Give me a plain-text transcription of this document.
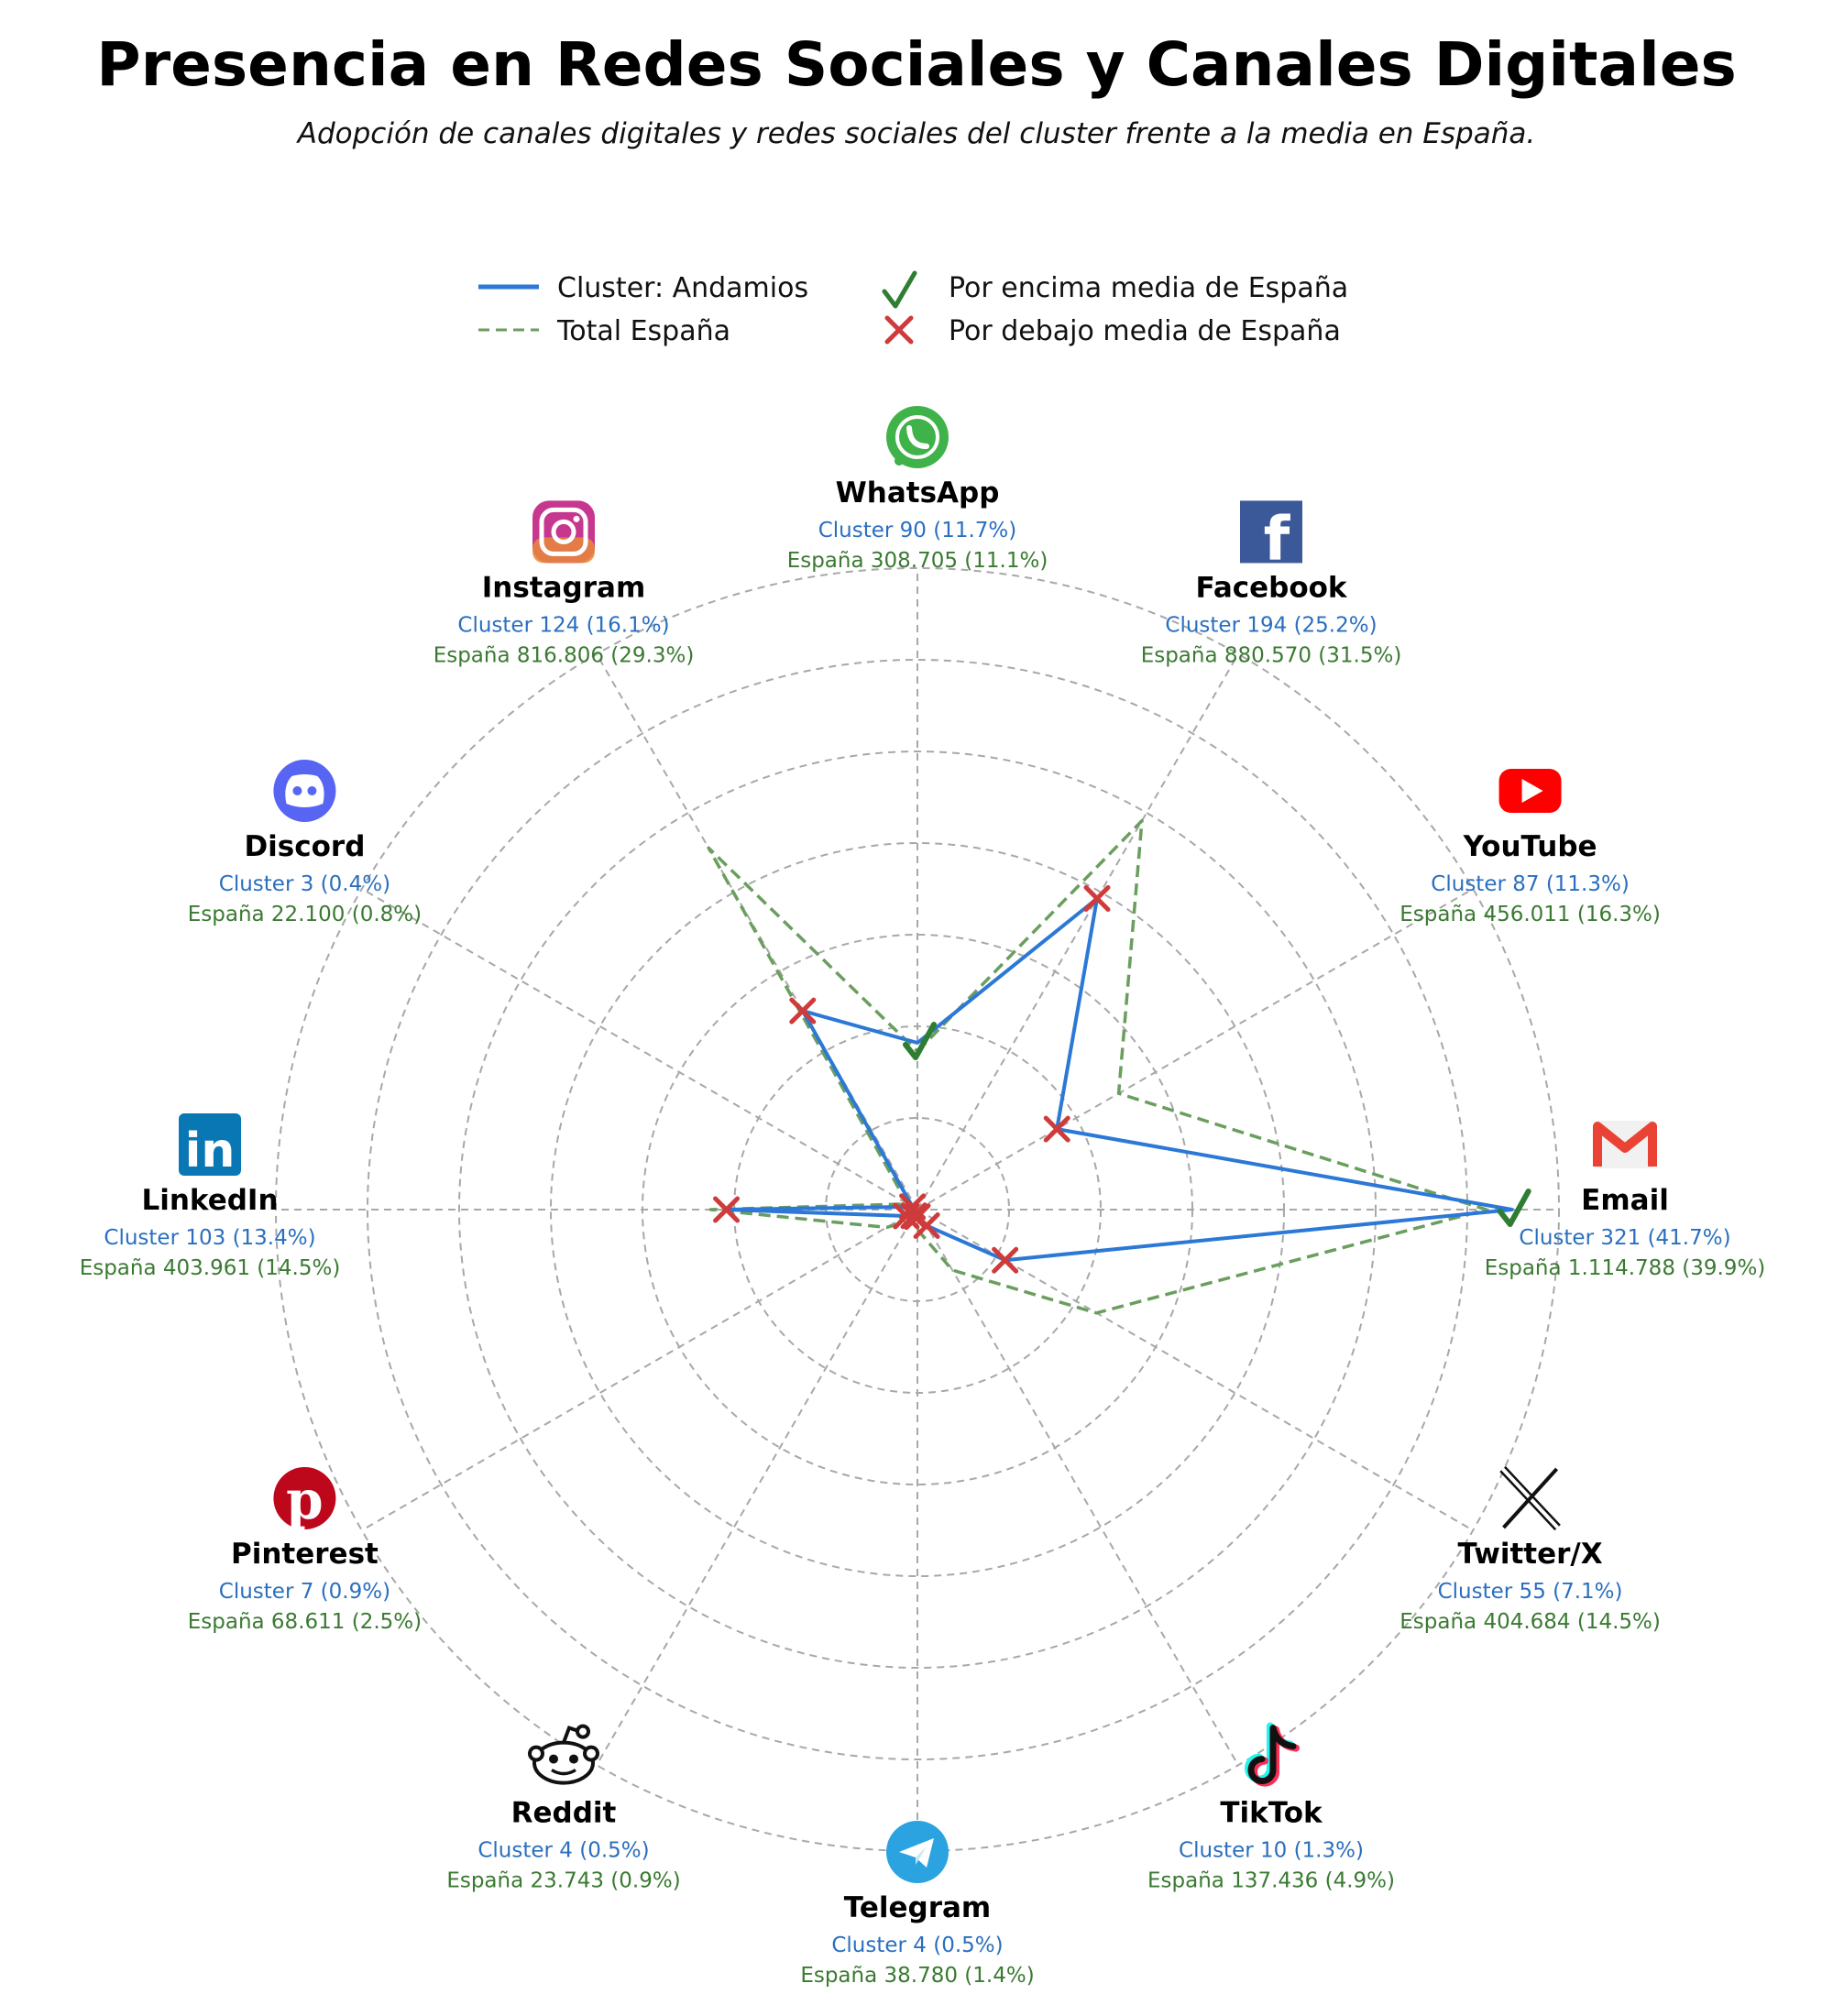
Presencia en Redes Sociales y Canales Digitales

Adopción de canales digitales y redes sociales del cluster frente a la media en España.

Cluster: Andamios
Total España
Por encima media de España
Por debajo media de España
WhatsApp
Cluster 90 (11.7%)
España 308.705 (11.1%)	f
Facebook
Cluster 194 (25.2%)
España 880.570 (31.5%)
YouTube
Cluster 87 (11.3%)
España 456.011 (16.3%)
Email
Cluster 321 (41.7%)
España 1.114.788 (39.9%)
Twitter/X
Cluster 55 (7.1%)
España 404.684 (14.5%)
TikTok
Cluster 10 (1.3%)
España 137.436 (4.9%)
Telegram
Cluster 4 (0.5%)
España 38.780 (1.4%)
Reddit
Cluster 4 (0.5%)
España 23.743 (0.9%)
p
Pinterest
Cluster 7 (0.9%)
España 68.611 (2.5%)
in
LinkedIn
Cluster 103 (13.4%)
España 403.961 (14.5%)
Discord
Cluster 3 (0.4%)
España 22.100 (0.8%)
Instagram
Cluster 124 (16.1%)
España 816.806 (29.3%)
